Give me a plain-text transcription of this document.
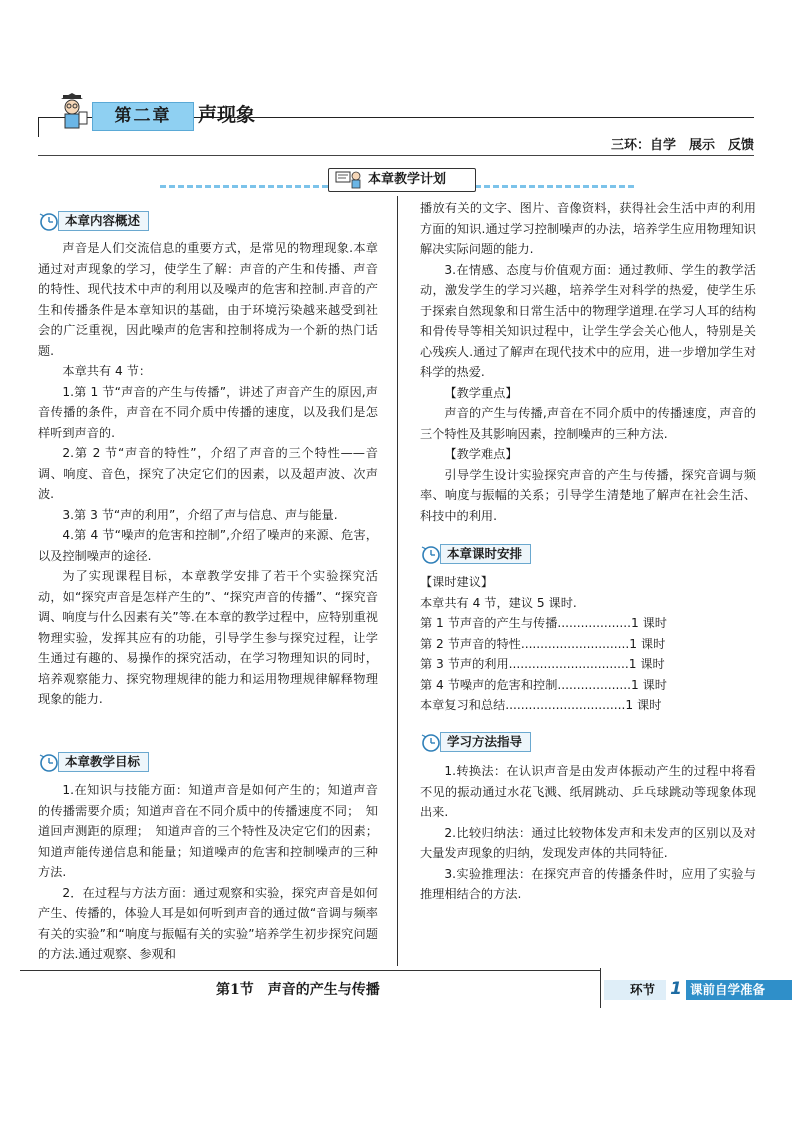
第二章	声现象
三环：自学　展示　反馈
本章教学计划
本章内容概述

声音是人们交流信息的重要方式，是常见的物理现象.本章通过对声现象的学习，使学生了解：声音的产生和传播、声音的特性、现代技术中声的利用以及噪声的危害和控制.声音的产生和传播条件是本章知识的基础，由于环境污染越来越受到社会的广泛重视，因此噪声的危害和控制将成为一个新的热门话题.

本章共有 4 节：

1.第 1 节“声音的产生与传播”，讲述了声音产生的原因,声音传播的条件，声音在不同介质中传播的速度，以及我们是怎样听到声音的.

2.第 2 节“声音的特性”，介绍了声音的三个特性——音调、响度、音色，探究了决定它们的因素，以及超声波、次声波.

3.第 3 节“声的利用”，介绍了声与信息、声与能量.

4.第 4 节“噪声的危害和控制”,介绍了噪声的来源、危害，以及控制噪声的途径.

为了实现课程目标，本章教学安排了若干个实验探究活动，如“探究声音是怎样产生的”、“探究声音的传播”、“探究音调、响度与什么因素有关”等.在本章的教学过程中，应特别重视物理实验，发挥其应有的功能，引导学生参与探究过程，让学生通过有趣的、易操作的探究活动，在学习物理知识的同时，培养观察能力、探究物理规律的能力和运用物理规律解释物理现象的能力.

本章教学目标

1.在知识与技能方面：知道声音是如何产生的；知道声音的传播需要介质；知道声音在不同介质中的传播速度不同；　知道回声测距的原理；　知道声音的三个特性及决定它们的因素；知道声能传递信息和能量；知道噪声的危害和控制噪声的三种方法.

2．在过程与方法方面：通过观察和实验，探究声音是如何产生、传播的，体验人耳是如何听到声音的通过做“音调与频率有关的实验”和“响度与振幅有关的实验”培养学生初步探究问题的方法.通过观察、参观和

播放有关的文字、图片、音像资料，获得社会生活中声的利用方面的知识.通过学习控制噪声的办法，培养学生应用物理知识解决实际问题的能力.

3.在情感、态度与价值观方面：通过教师、学生的教学活动，激发学生的学习兴趣，培养学生对科学的热爱，使学生乐于探索自然现象和日常生活中的物理学道理.在学习人耳的结构和骨传导等相关知识过程中，让学生学会关心他人，特别是关心残疾人.通过了解声在现代技术中的应用，进一步增加学生对科学的热爱.

【教学重点】

声音的产生与传播,声音在不同介质中的传播速度，声音的三个特性及其影响因素，控制噪声的三种方法.

【教学难点】

引导学生设计实验探究声音的产生与传播，探究音调与频率、响度与振幅的关系；引导学生清楚地了解声在社会生活、科技中的利用.

本章课时安排
【课时建议】
本章共有 4 节，建议 5 课时.
第 1 节声音的产生与传播...................1 课时
第 2 节声音的特性............................1 课时
第 3 节声的利用...............................1 课时
第 4 节噪声的危害和控制...................1 课时
本章复习和总结...............................1 课时
学习方法指导

1.转换法：在认识声音是由发声体振动产生的过程中将看不见的振动通过水花飞溅、纸屑跳动、乒乓球跳动等现象体现出来.

2.比较归纳法：通过比较物体发声和未发声的区别以及对大量发声现象的归纳，发现发声体的共同特征.

3.实验推理法：在探究声音的传播条件时，应用了实验与推理相结合的方法.

第1节　声音的产生与传播	环节 1 课前自学准备
